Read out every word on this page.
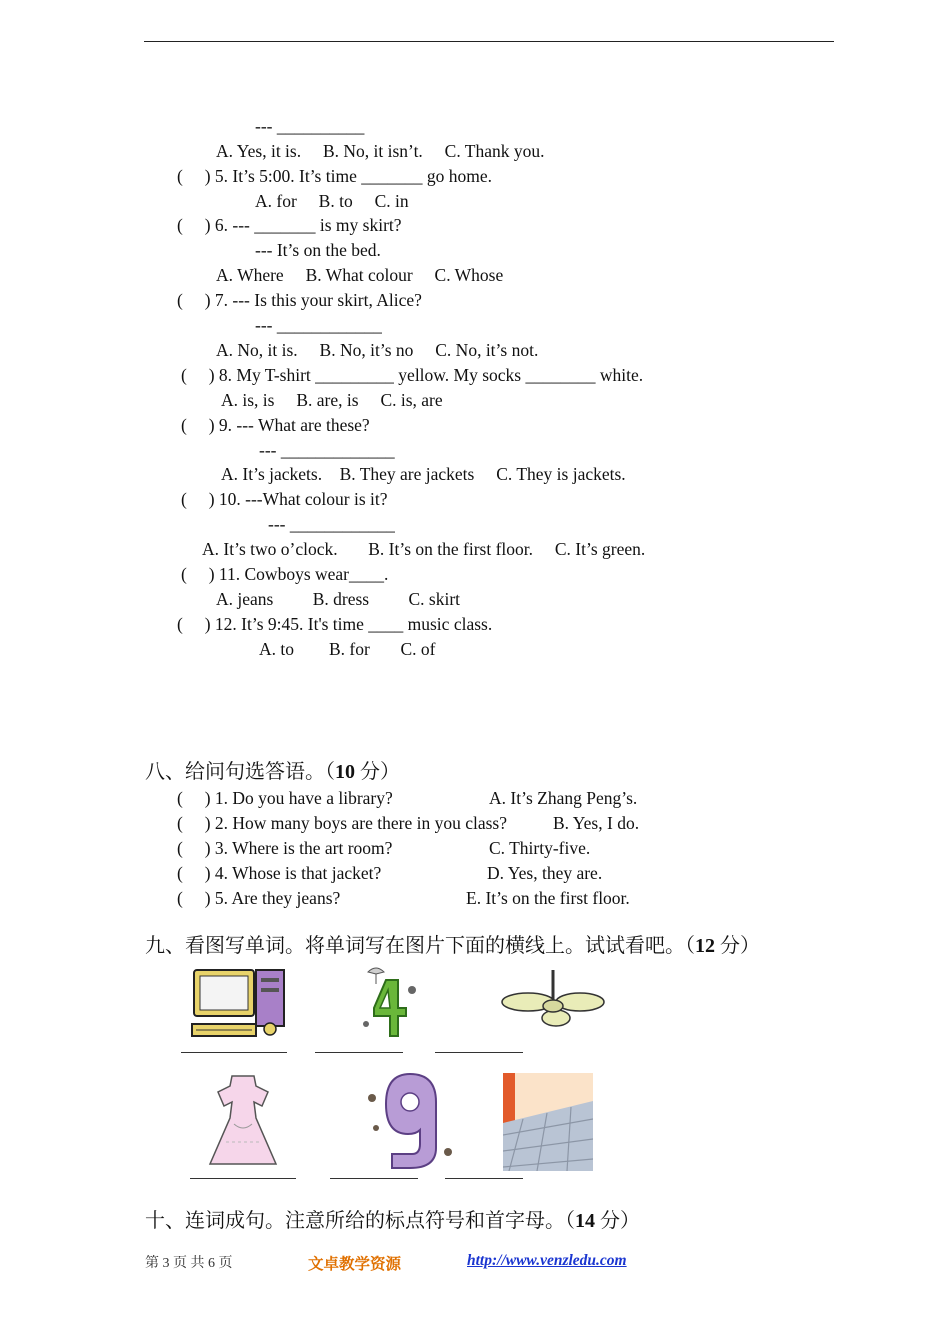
--- __________
A. Yes, it is.     B. No, it isn’t.     C. Thank you.
(     ) 5. It’s 5:00. It’s time _______ go home.
A. for     B. to     C. in
(     ) 6. --- _______ is my skirt?
--- It’s on the bed.
A. Where     B. What colour     C. Whose
(     ) 7. --- Is this your skirt, Alice?
--- ____________
A. No, it is.     B. No, it’s no     C. No, it’s not.
(     ) 8. My T-shirt _________ yellow. My socks ________ white.
A. is, is     B. are, is     C. is, are
(     ) 9. --- What are these?
--- _____________
A. It’s jackets.    B. They are jackets     C. They is jackets.
(     ) 10. ---What colour is it?
--- ____________
A. It’s two o’clock.       B. It’s on the first floor.     C. It’s green.
(     ) 11. Cowboys wear____.
A. jeans         B. dress         C. skirt
(     ) 12. It’s 9:45. It's time ____ music class.
A. to        B. for       C. of
八、给问句选答语。（10 分）
(     ) 1. Do you have a library?	A. It’s Zhang Peng’s.
(     ) 2. How many boys are there in you class?	B. Yes, I do.
(     ) 3. Where is the art room?	C. Thirty-five.
(     ) 4. Whose is that jacket?	D. Yes, they are.
(     ) 5. Are they jeans?	E. It’s on the first floor.
九、看图写单词。将单词写在图片下面的横线上。试试看吧。（12 分）
十、连词成句。注意所给的标点符号和首字母。（14 分）
第 3 页 共 6 页	文卓教学资源	http://www.venzledu.com
